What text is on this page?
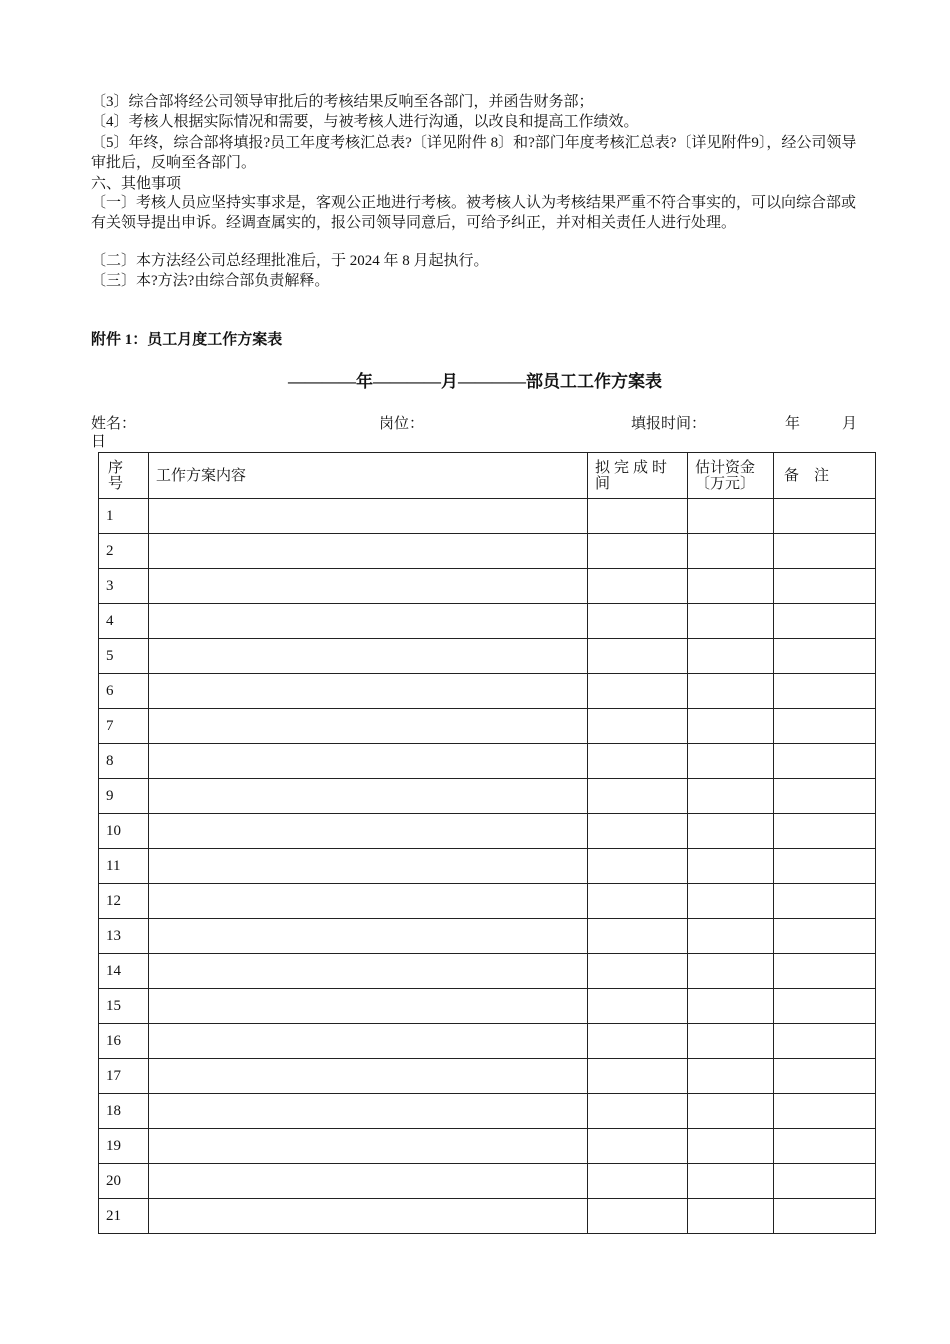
〔3〕综合部将经公司领导审批后的考核结果反响至各部门，并函告财务部；

〔4〕考核人根据实际情况和需要，与被考核人进行沟通，以改良和提高工作绩效。

〔5〕年终，综合部将填报?员工年度考核汇总表?〔详见附件 8〕和?部门年度考核汇总表?〔详见附件9〕，经公司领导审批后，反响至各部门。

六、其他事项

〔一〕考核人员应坚持实事求是，客观公正地进行考核。被考核人认为考核结果严重不符合事实的，可以向综合部或有关领导提出申诉。经调查属实的，报公司领导同意后，可给予纠正，并对相关责任人进行处理。

〔二〕本方法经公司总经理批准后，于 2024 年 8 月起执行。

〔三〕本?方法?由综合部负责解释。

附件 1：员工月度工作方案表
————年————月————部员工工作方案表
姓名：	岗位：	填报时间：	年	月
日
序号	工作方案内容	拟完成时间	估计资金〔万元〕	备　注
1				
2				
3				
4				
5				
6				
7				
8				
9				
10				
11				
12				
13				
14				
15				
16				
17				
18				
19				
20				
21				
